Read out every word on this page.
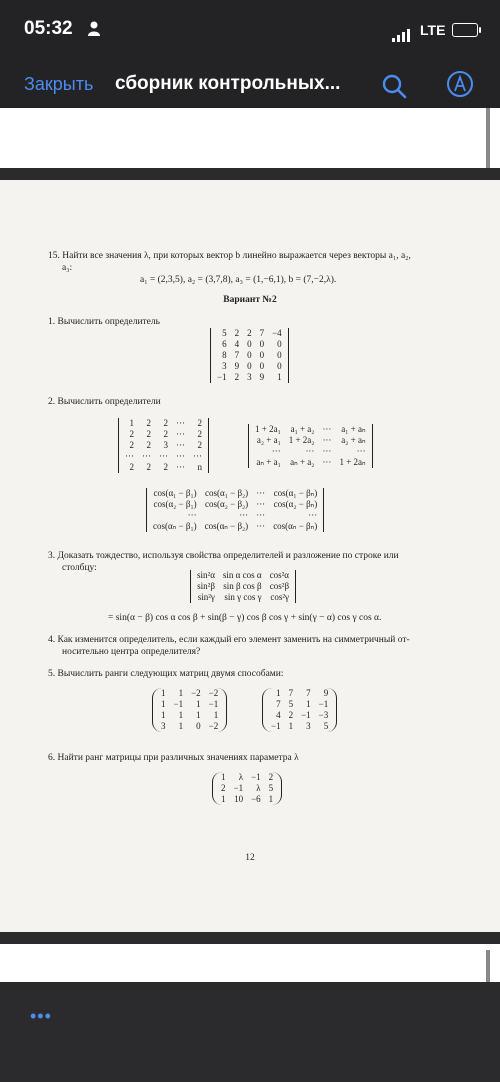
05:32	LTE
Закрыть сборник контрольных...
15. Найти все значения λ, при которых вектор b линейно выражается через векторы a₁, a₂,
a₃:
a₁ = (2,3,5), a₂ = (3,7,8), a₃ = (1,−6,1), b = (7,−2,λ).
Вариант №2
1. Вычислить определитель
5	2	2	7	−4
6	4	0	0	0
8	7	0	0	0
3	9	0	0	0
−1	2	3	9	1
2. Вычислить определители
1	2	2	···	2
2	2	2	···	2
2	2	3	···	2
···	···	···	···	···
2	2	2	···	n
1 + 2a₁	a₁ + a₂	···	a₁ + aₙ
a₂ + a₁	1 + 2a₂	···	a₂ + aₙ
···	···	···	···
aₙ + a₁	aₙ + a₂	···	1 + 2aₙ
cos(α₁ − β₁)	cos(α₁ − β₂)	···	cos(α₁ − βₙ)
cos(α₂ − β₁)	cos(α₂ − β₂)	···	cos(α₂ − βₙ)
···	···	···	···
cos(αₙ − β₁)	cos(αₙ − β₂)	···	cos(αₙ − βₙ)
3. Доказать тождество, используя свойства определителей и разложение по строке или
столбцу:
sin²α	sin α cos α	cos²α
sin²β	sin β cos β	cos²β
sin²γ	sin γ cos γ	cos²γ
= sin(α − β) cos α cos β + sin(β − γ) cos β cos γ + sin(γ − α) cos γ cos α.
4. Как изменится определитель, если каждый его элемент заменить на симметричный от-
носительно центра определителя?
5. Вычислить ранги следующих матриц двумя способами:
1	1	−2	−2
1	−1	1	−1
1	1	1	1
3	1	0	−2
1	7	7	9
7	5	1	−1
4	2	−1	−3
−1	1	3	5
6. Найти ранг матрицы при различных значениях параметра λ
1	λ	−1	2
2	−1	λ	5
1	10	−6	1
12
•••
